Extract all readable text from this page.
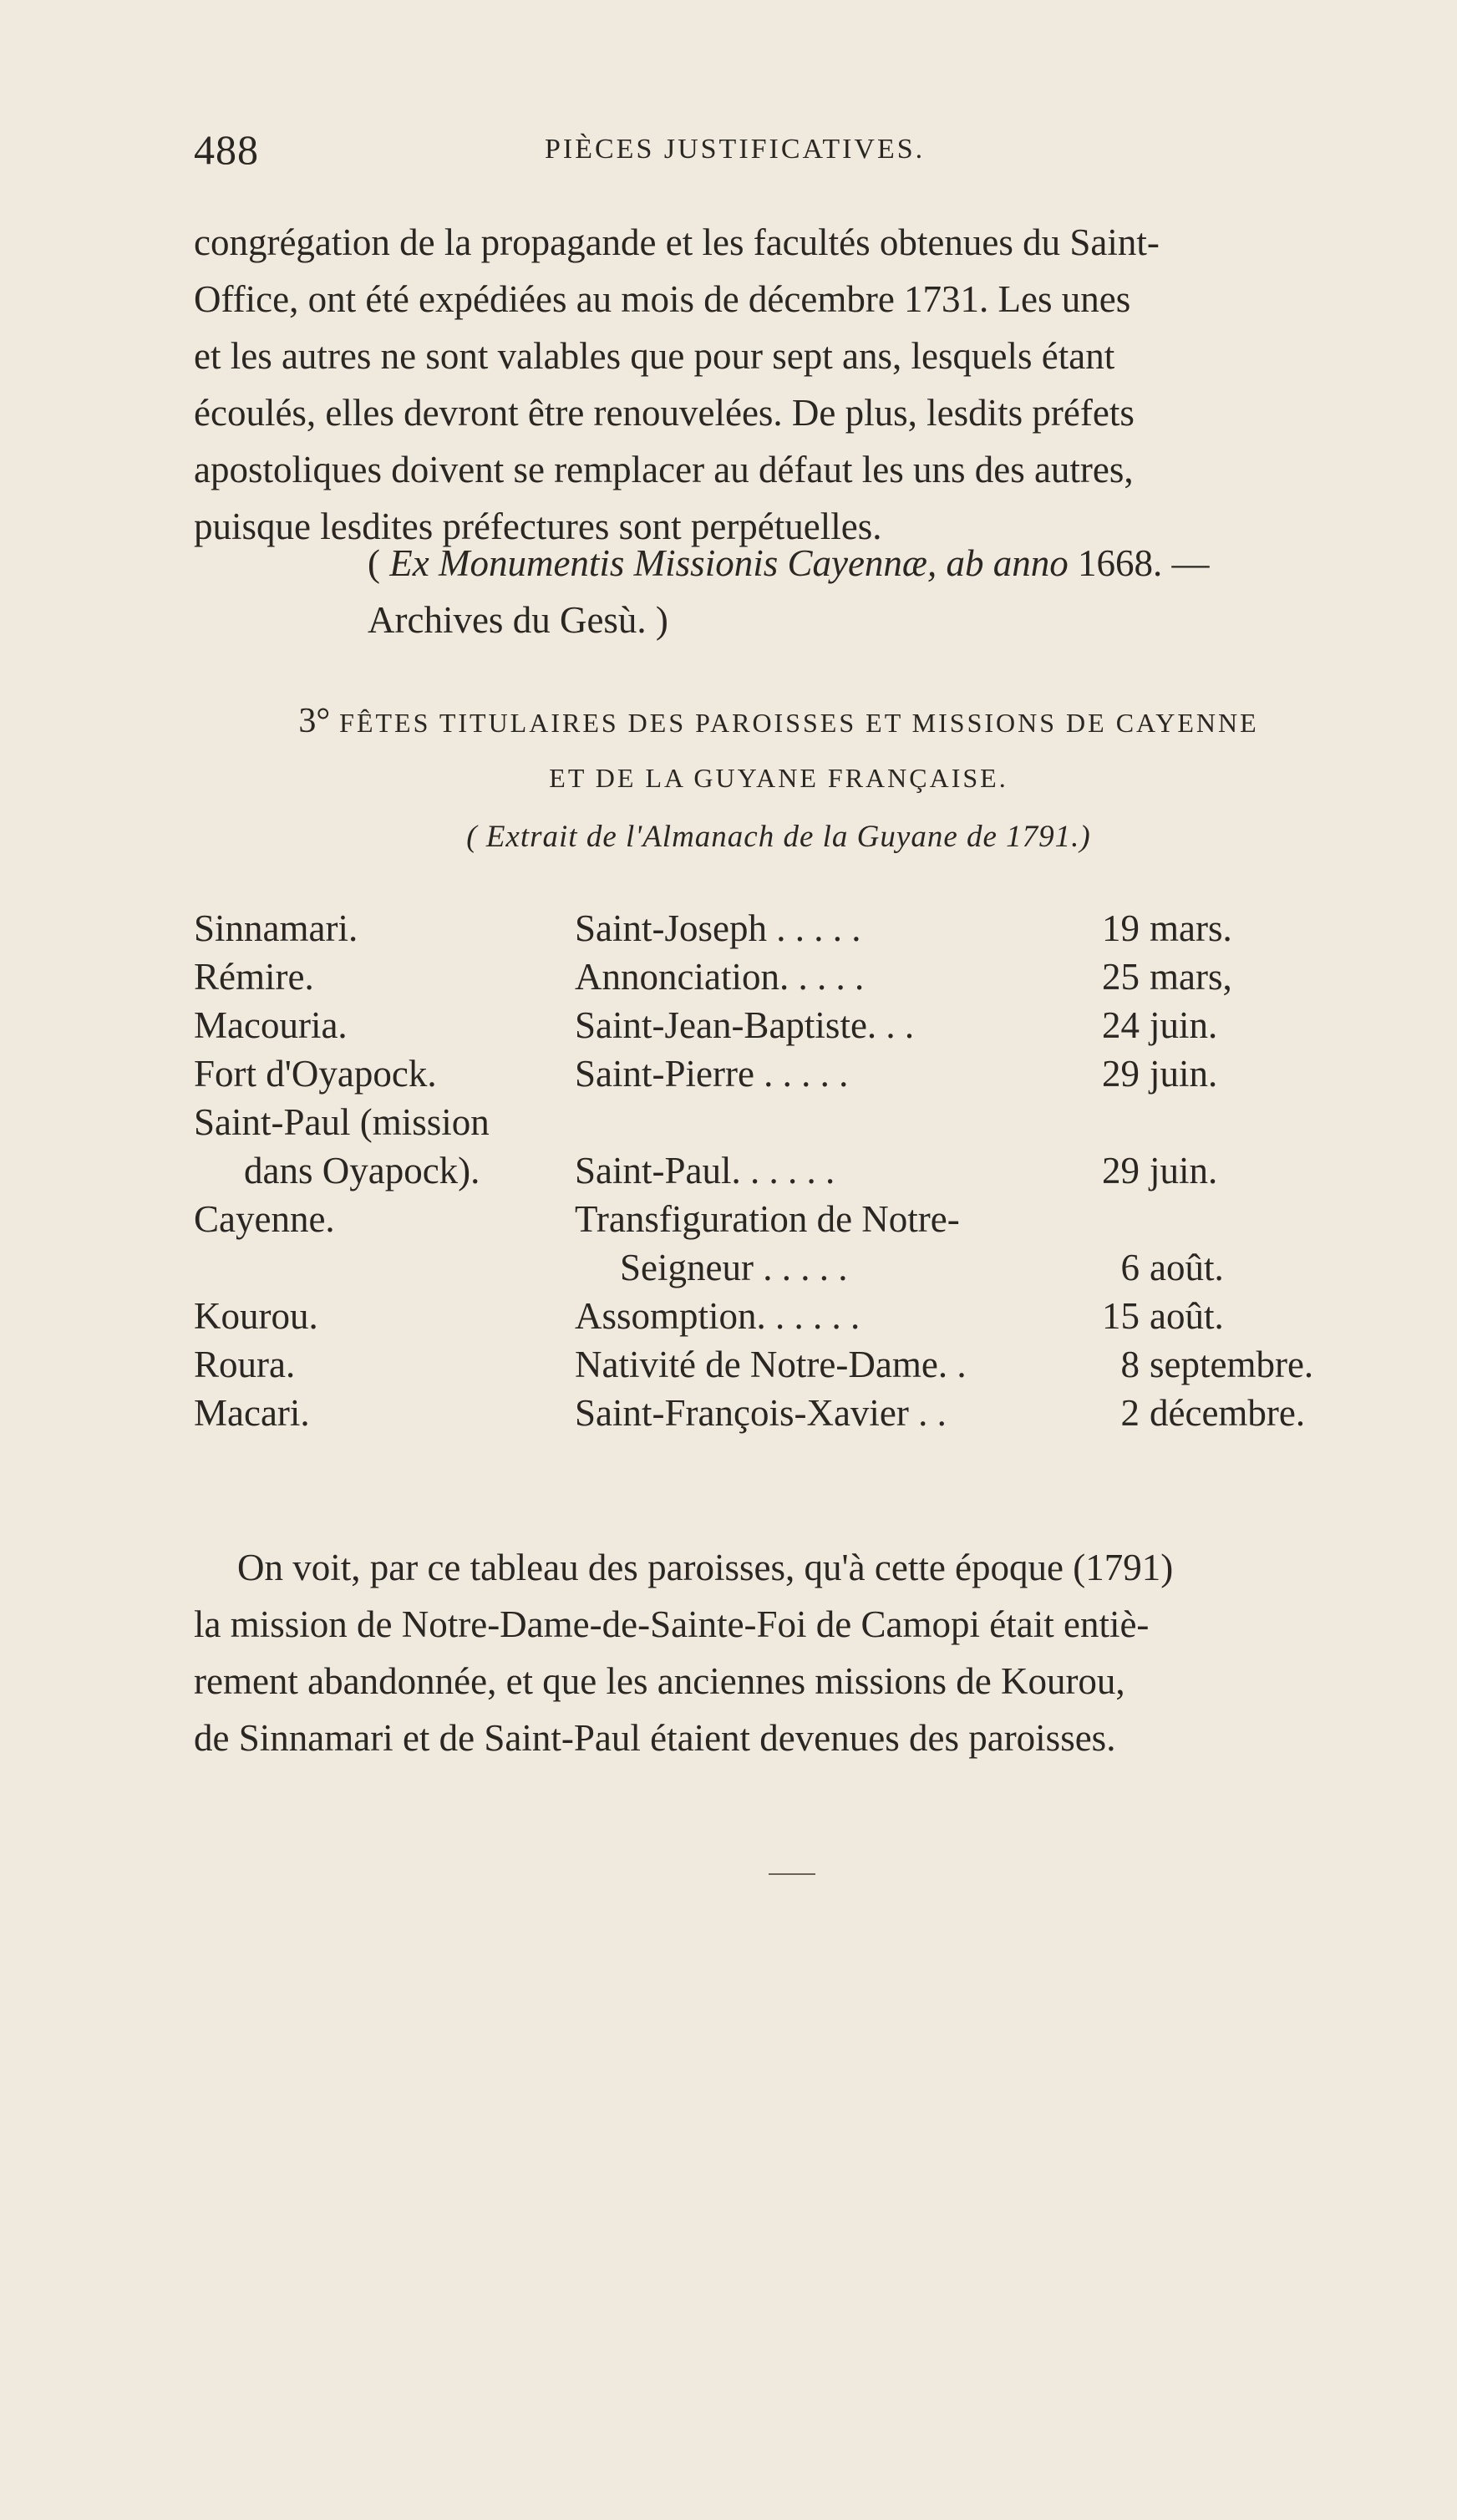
488	PIÈCES JUSTIFICATIVES.

congrégation de la propagande et les facultés obtenues du Saint-

Office, ont été expédiées au mois de décembre 1731. Les unes

et les autres ne sont valables que pour sept ans, lesquels étant

écoulés, elles devront être renouvelées. De plus, lesdits préfets

apostoliques doivent se remplacer au défaut les uns des autres,

puisque lesdites préfectures sont perpétuelles.

( Ex Monumentis Missionis Cayennæ, ab anno 1668. —
Archives du Gesù. )
3° FÊTES TITULAIRES DES PAROISSES ET MISSIONS DE CAYENNE
ET DE LA GUYANE FRANÇAISE.
( Extrait de l'Almanach de la Guyane de 1791.)
Sinnamari.	Saint-Joseph . . . . .	19 mars.
Rémire.	Annonciation. . . . .	25 mars,
Macouria.	Saint-Jean-Baptiste. . .	24 juin.
Fort d'Oyapock.	Saint-Pierre . . . . .	29 juin.
Saint-Paul (mission
dans Oyapock).	Saint-Paul. . . . . .	29 juin.
Cayenne.	Transfiguration de Notre-
Seigneur . . . . .	6 août.
Kourou.	Assomption. . . . . .	15 août.
Roura.	Nativité de Notre-Dame. .	8 septembre.
Macari.	Saint-François-Xavier . .	2 décembre.

On voit, par ce tableau des paroisses, qu'à cette époque (1791)

la mission de Notre-Dame-de-Sainte-Foi de Camopi était entiè-

rement abandonnée, et que les anciennes missions de Kourou,

de Sinnamari et de Saint-Paul étaient devenues des paroisses.
